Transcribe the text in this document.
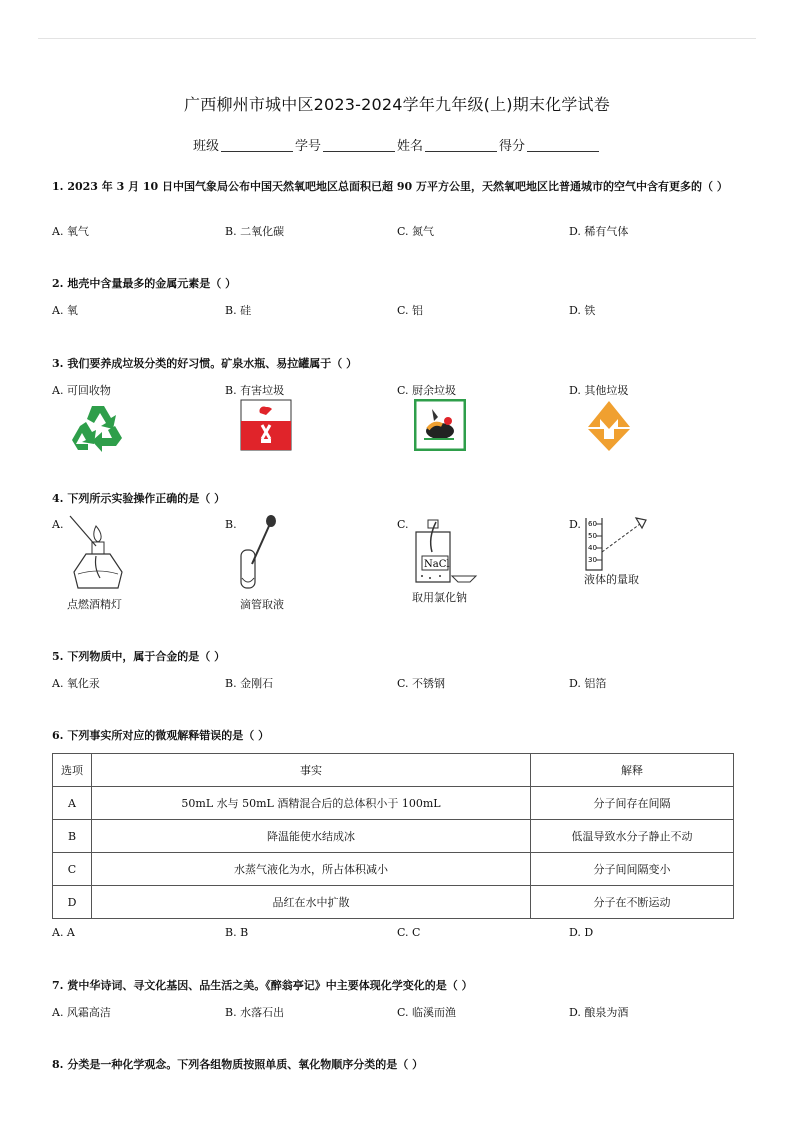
广西柳州市城中区2023-2024学年九年级(上)期末化学试卷
班级	学号	姓名	得分
1. 2023 年 3 月 10 日中国气象局公布中国天然氧吧地区总面积已超 90 万平方公里，天然氧吧地区比普通城市的空气中含有更多的（ ）
A. 氧气	B. 二氧化碳	C. 氮气	D. 稀有气体
2. 地壳中含量最多的金属元素是（ ）
A. 氧	B. 硅	C. 铝	D. 铁
3. 我们要养成垃圾分类的好习惯。矿泉水瓶、易拉罐属于（ ）
A. 可回收物	B. 有害垃圾	C. 厨余垃圾	D. 其他垃圾
4. 下列所示实验操作正确的是（ ）
A.	B.	C.	D.
点燃酒精灯	滴管取液
NaCl
取用氯化钠
60
50
40
30
液体的量取
5. 下列物质中，属于合金的是（ ）
A. 氧化汞	B. 金刚石	C. 不锈钢	D. 铝箔
6. 下列事实所对应的微观解释错误的是（ ）
选项	事实	解释
A	50mL 水与 50mL 酒精混合后的总体积小于 100mL	分子间存在间隔
B	降温能使水结成冰	低温导致水分子静止不动
C	水蒸气液化为水，所占体积减小	分子间间隔变小
D	品红在水中扩散	分子在不断运动
A. A	B. B	C. C	D. D
7. 赏中华诗词、寻文化基因、品生活之美。《醉翁亭记》中主要体现化学变化的是（ ）
A. 风霜高洁	B. 水落石出	C. 临溪而渔	D. 酿泉为酒
8. 分类是一种化学观念。下列各组物质按照单质、氧化物顺序分类的是（ ）
